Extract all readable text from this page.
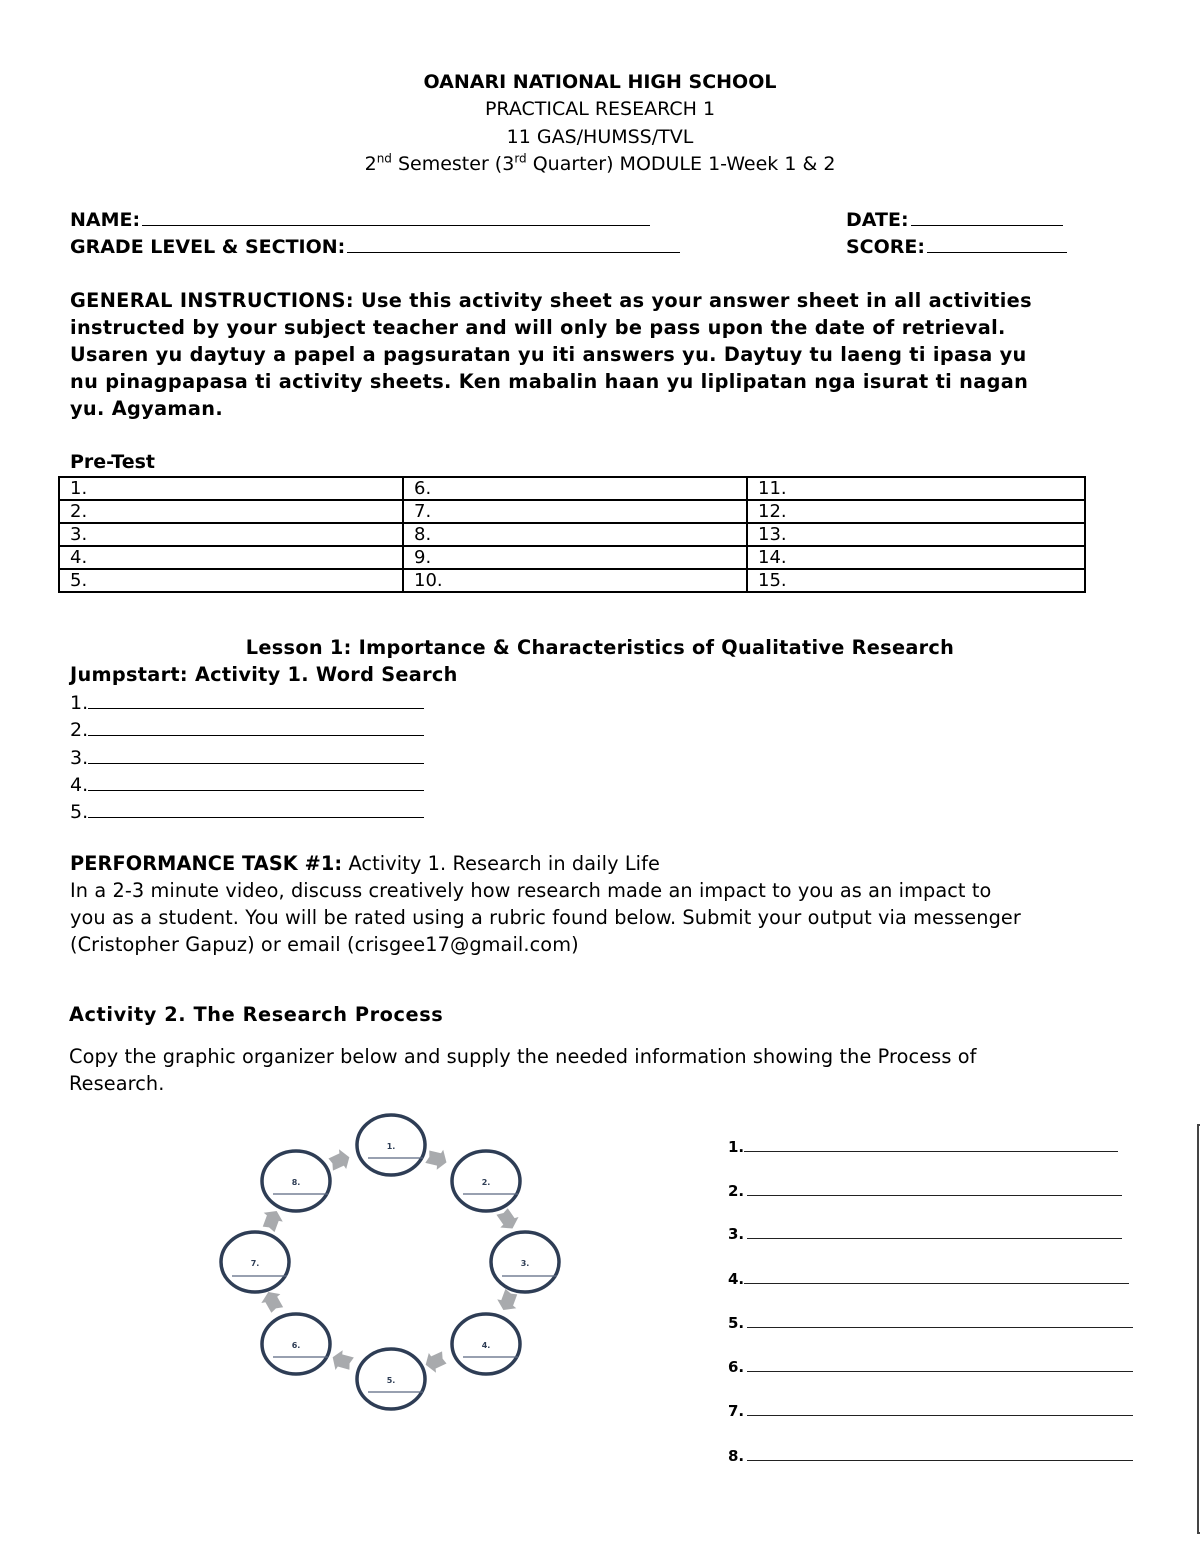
OANARI NATIONAL HIGH SCHOOL
PRACTICAL RESEARCH 1
11 GAS/HUMSS/TVL
2nd Semester (3rd Quarter) MODULE 1-Week 1 & 2
NAME:
GRADE LEVEL & SECTION:
DATE:
SCORE:
GENERAL INSTRUCTIONS: Use this activity sheet as your answer sheet in all activities
instructed by your subject teacher and will only be pass upon the date of retrieval.
Usaren yu daytuy a papel a pagsuratan yu iti answers yu. Daytuy tu laeng ti ipasa yu
nu pinagpapasa ti activity sheets. Ken mabalin haan yu liplipatan nga isurat ti nagan
yu. Agyaman.
Pre-Test
1.	6.	11.
2.	7.	12.
3.	8.	13.
4.	9.	14.
5.	10.	15.
Lesson 1: Importance & Characteristics of Qualitative Research
Jumpstart: Activity 1. Word Search
1.
2.
3.
4.
5.
PERFORMANCE TASK #1: Activity 1. Research in daily Life
In a 2-3 minute video, discuss creatively how research made an impact to you as an impact to
you as a student. You will be rated using a rubric found below. Submit your output via messenger
(Cristopher Gapuz) or email (crisgee17@gmail.com)
Activity 2. The Research Process
Copy the graphic organizer below and supply the needed information showing the Process of
Research.
1.
2.
3.
4.
5.
6.
7.
8.
1.
2.
3.
4.
5.
6.
7.
8.
